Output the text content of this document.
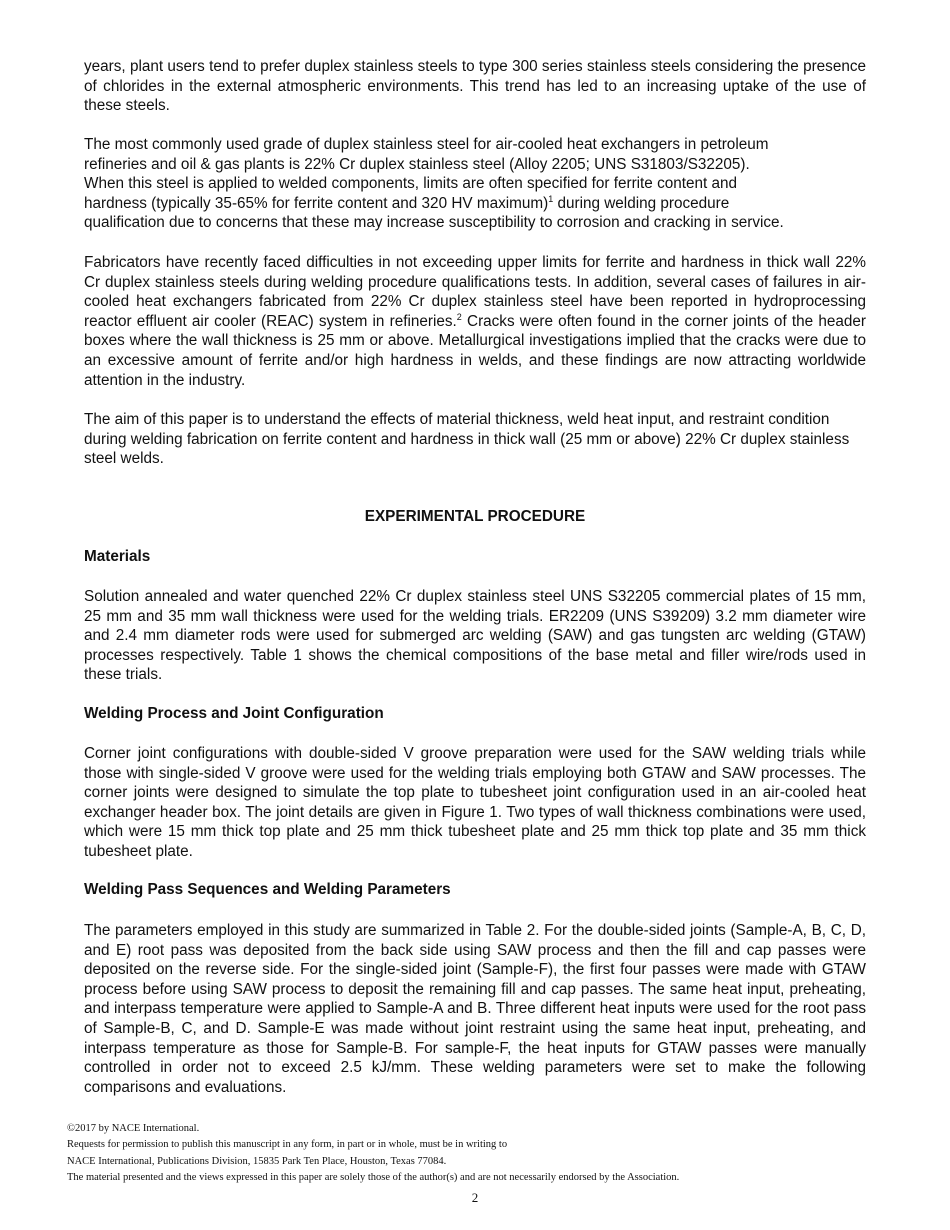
years, plant users tend to prefer duplex stainless steels to type 300 series stainless steels considering the presence of chlorides in the external atmospheric environments. This trend has led to an increasing uptake of the use of these steels.

The most commonly used grade of duplex stainless steel for air-cooled heat exchangers in petroleum
refineries and oil & gas plants is 22% Cr duplex stainless steel (Alloy 2205; UNS S31803/S32205).
When this steel is applied to welded components, limits are often specified for ferrite content and
hardness (typically 35-65% for ferrite content and 320 HV maximum)$^1$ during welding procedure
qualification due to concerns that these may increase susceptibility to corrosion and cracking in service.

Fabricators have recently faced difficulties in not exceeding upper limits for ferrite and hardness in thick wall 22% Cr duplex stainless steels during welding procedure qualifications tests. In addition, several cases of failures in air-cooled heat exchangers fabricated from 22% Cr duplex stainless steel have been reported in hydroprocessing reactor effluent air cooler (REAC) system in refineries.$^2$ Cracks were often found in the corner joints of the header boxes where the wall thickness is 25 mm or above. Metallurgical investigations implied that the cracks were due to an excessive amount of ferrite and/or high hardness in welds, and these findings are now attracting worldwide attention in the industry.

The aim of this paper is to understand the effects of material thickness, weld heat input, and restraint condition during welding fabrication on ferrite content and hardness in thick wall (25 mm or above) 22% Cr duplex stainless steel welds.

EXPERIMENTAL PROCEDURE
Materials

Solution annealed and water quenched 22% Cr duplex stainless steel UNS S32205 commercial plates of 15 mm, 25 mm and 35 mm wall thickness were used for the welding trials. ER2209 (UNS S39209) 3.2 mm diameter wire and 2.4 mm diameter rods were used for submerged arc welding (SAW) and gas tungsten arc welding (GTAW) processes respectively. Table 1 shows the chemical compositions of the base metal and filler wire/rods used in these trials.

Welding Process and Joint Configuration

Corner joint configurations with double-sided V groove preparation were used for the SAW welding trials while those with single-sided V groove were used for the welding trials employing both GTAW and SAW processes. The corner joints were designed to simulate the top plate to tubesheet joint configuration used in an air-cooled heat exchanger header box. The joint details are given in Figure 1. Two types of wall thickness combinations were used, which were 15 mm thick top plate and 25 mm thick tubesheet plate and 25 mm thick top plate and 35 mm thick tubesheet plate.

Welding Pass Sequences and Welding Parameters

The parameters employed in this study are summarized in Table 2. For the double-sided joints (Sample-A, B, C, D, and E) root pass was deposited from the back side using SAW process and then the fill and cap passes were deposited on the reverse side. For the single-sided joint (Sample-F), the first four passes were made with GTAW process before using SAW process to deposit the remaining fill and cap passes. The same heat input, preheating, and interpass temperature were applied to Sample-A and B. Three different heat inputs were used for the root pass of Sample-B, C, and D. Sample-E was made without joint restraint using the same heat input, preheating, and interpass temperature as those for Sample-B. For sample-F, the heat inputs for GTAW passes were manually controlled in order not to exceed 2.5 kJ/mm. These welding parameters were set to make the following comparisons and evaluations.

©2017 by NACE International.
Requests for permission to publish this manuscript in any form, in part or in whole, must be in writing to
NACE International, Publications Division, 15835 Park Ten Place, Houston, Texas 77084.
The material presented and the views expressed in this paper are solely those of the author(s) and are not necessarily endorsed by the Association.
2
